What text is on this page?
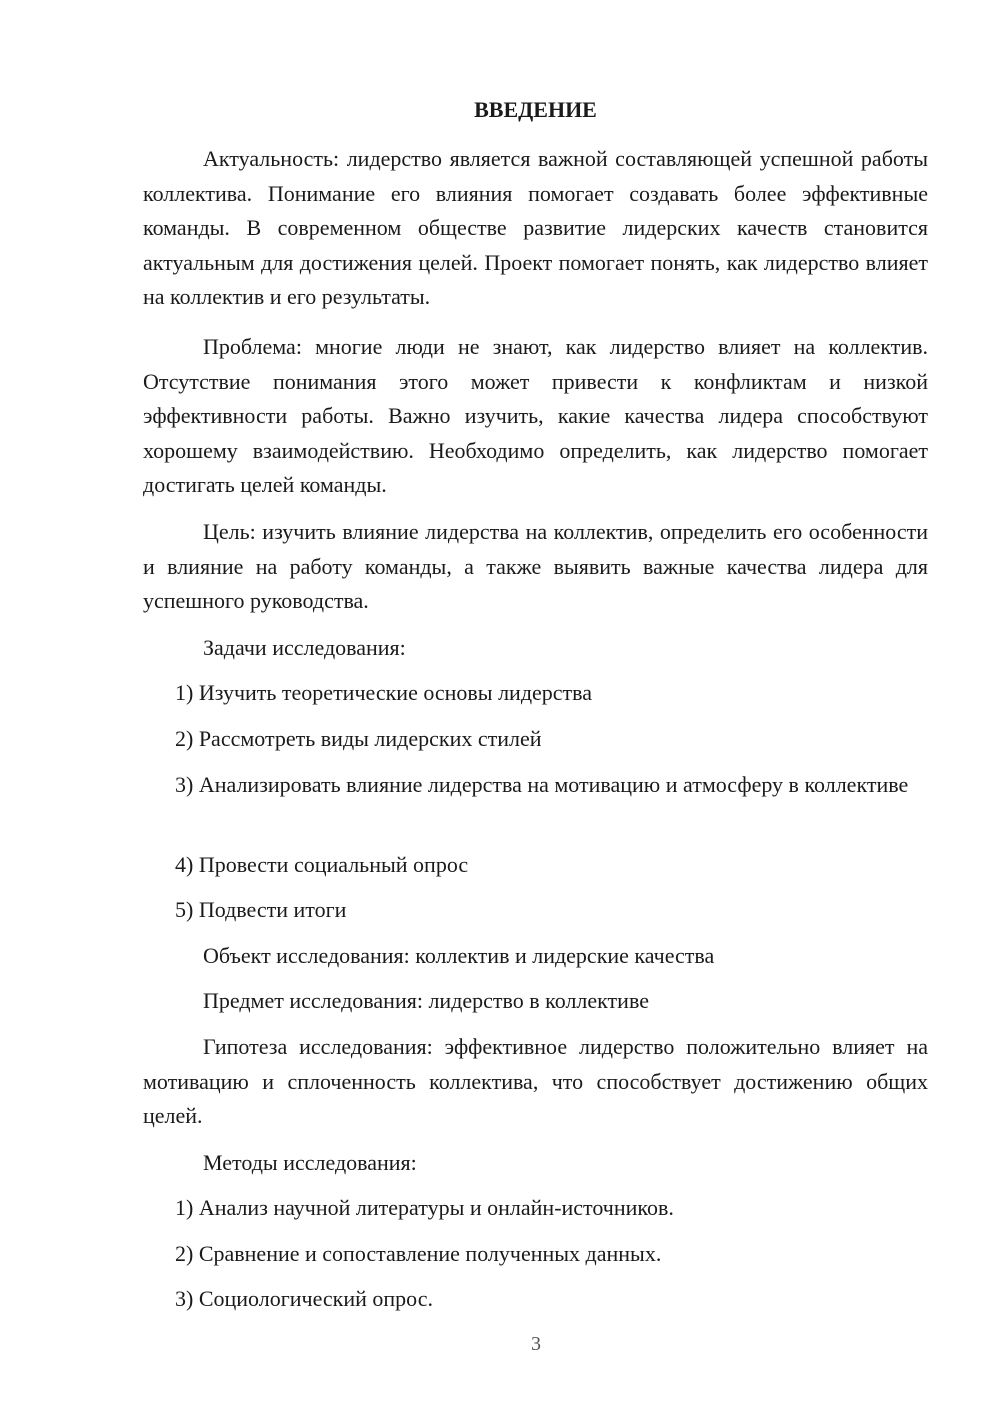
ВВЕДЕНИЕ

Актуальность: лидерство является важной составляющей успешной работы коллектива. Понимание его влияния помогает создавать более эффективные команды. В современном обществе развитие лидерских качеств становится актуальным для достижения целей. Проект помогает понять, как лидерство влияет на коллектив и его результаты.

Проблема: многие люди не знают, как лидерство влияет на коллектив. Отсутствие понимания этого может привести к конфликтам и низкой эффективности работы. Важно изучить, какие качества лидера способствуют хорошему взаимодействию. Необходимо определить, как лидерство помогает достигать целей команды.

Цель: изучить влияние лидерства на коллектив, определить его особенности и влияние на работу команды, а также выявить важные качества лидера для успешного руководства.

Задачи исследования:

1) Изучить теоретические основы лидерства

2) Рассмотреть виды лидерских стилей

3) Анализировать влияние лидерства на мотивацию и атмосферу в коллективе

4) Провести социальный опрос

5) Подвести итоги

Объект исследования: коллектив и лидерские качества

Предмет исследования: лидерство в коллективе

Гипотеза исследования: эффективное лидерство положительно влияет на мотивацию и сплоченность коллектива, что способствует достижению общих целей.

Методы исследования:

1) Анализ научной литературы и онлайн-источников.

2) Сравнение и сопоставление полученных данных.

3) Социологический опрос.

3
